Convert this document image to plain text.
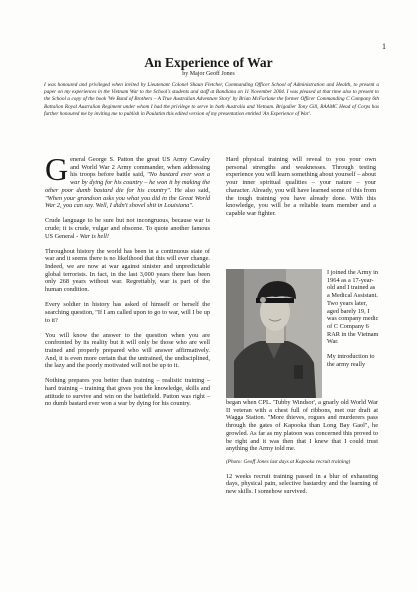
1
An Experience of War
by Major Geoff Jones

I was honoured and privileged when invited by Lieutenant Colonel Shaun Fletcher, Commanding Officer School of Administration and Health, to present a paper on my experiences in the Vietnam War to the School's students and staff at Bandiana on 11 November 2004. I was pleased at that time also to present to the School a copy of the book 'We Band of Brothers – A True Australian Adventure Story' by Brian McFarlane the former Officer Commanding C Company 6th Battalion Royal Australian Regiment under whom I had the privilege to serve in both Australia and Vietnam. Brigadier Tony Gill, RAAMC Head of Corps has further honoured me by inviting me to publish in Paulatim this edited version of my presentation entitled 'An Experience of War'.

General George S. Patton the great US Army Cavalry and World War 2 Army commander, when addressing his troops before battle said, "No bastard ever won a war by dying for his country – he won it by making the other poor dumb bastard die for his country". He also said, "When your grandson asks you what you did in the Great World War 2, you can say. Well, I didn't shovel shit in Louisiana".

Crude language to be sure but not incongruous, because war is crude; it is crude, vulgar and obscene. To quote another famous US General - War is hell!

Throughout history the world has been in a continuous state of war and it seems there is no likelihood that this will ever change. Indeed, we are now at war against sinister and unpredictable global terrorists. In fact, in the last 3,000 years there has been only 268 years without war. Regrettably, war is part of the human condition.

Every soldier in history has asked of himself or herself the searching question, "If I am called upon to go to war, will I be up to it?

You will know the answer to the question when you are confronted by its reality but it will only be those who are well trained and properly prepared who will answer affirmatively. And, it is even more certain that the untrained, the undisciplined, the lazy and the poorly motivated will not be up to it.

Nothing prepares you better than training – realistic training – hard training – training that gives you the knowledge, skills and attitude to survive and win on the battlefield. Patton was right – no dumb bastard ever won a war by dying for his country.

Hard physical training will reveal to you your own personal strengths and weaknesses. Through testing experience you will learn something about yourself – about your inner spiritual qualities – your nature – your character. Already, you will have learned some of this from the tough training you have already done. With this knowledge, you will be a reliable team member and a capable war fighter.

I joined the Army in 1964 as a 17-year-old and I trained as a Medical Assistant. Two years later, aged barely 19, I was company medic of C Company 6 RAR in the Vietnam War.
My introduction to the army really

began when CPL. 'Tubby Windsor', a gnarly old World War II veteran with a chest full of ribbons, met our draft at Wagga Station. "More thieves, rogues and murderers pass through the gates of Kapooka than Long Bay Gaol", he growled. As far as my platoon was concerned this proved to be right and it was then that I knew that I could trust anything the Army told me.

(Photo: Geoff Jones last days at Kapooka recruit training)

12 weeks recruit training passed in a blur of exhausting days, physical pain, selective bastardry and the learning of new skills. I somehow survived.
